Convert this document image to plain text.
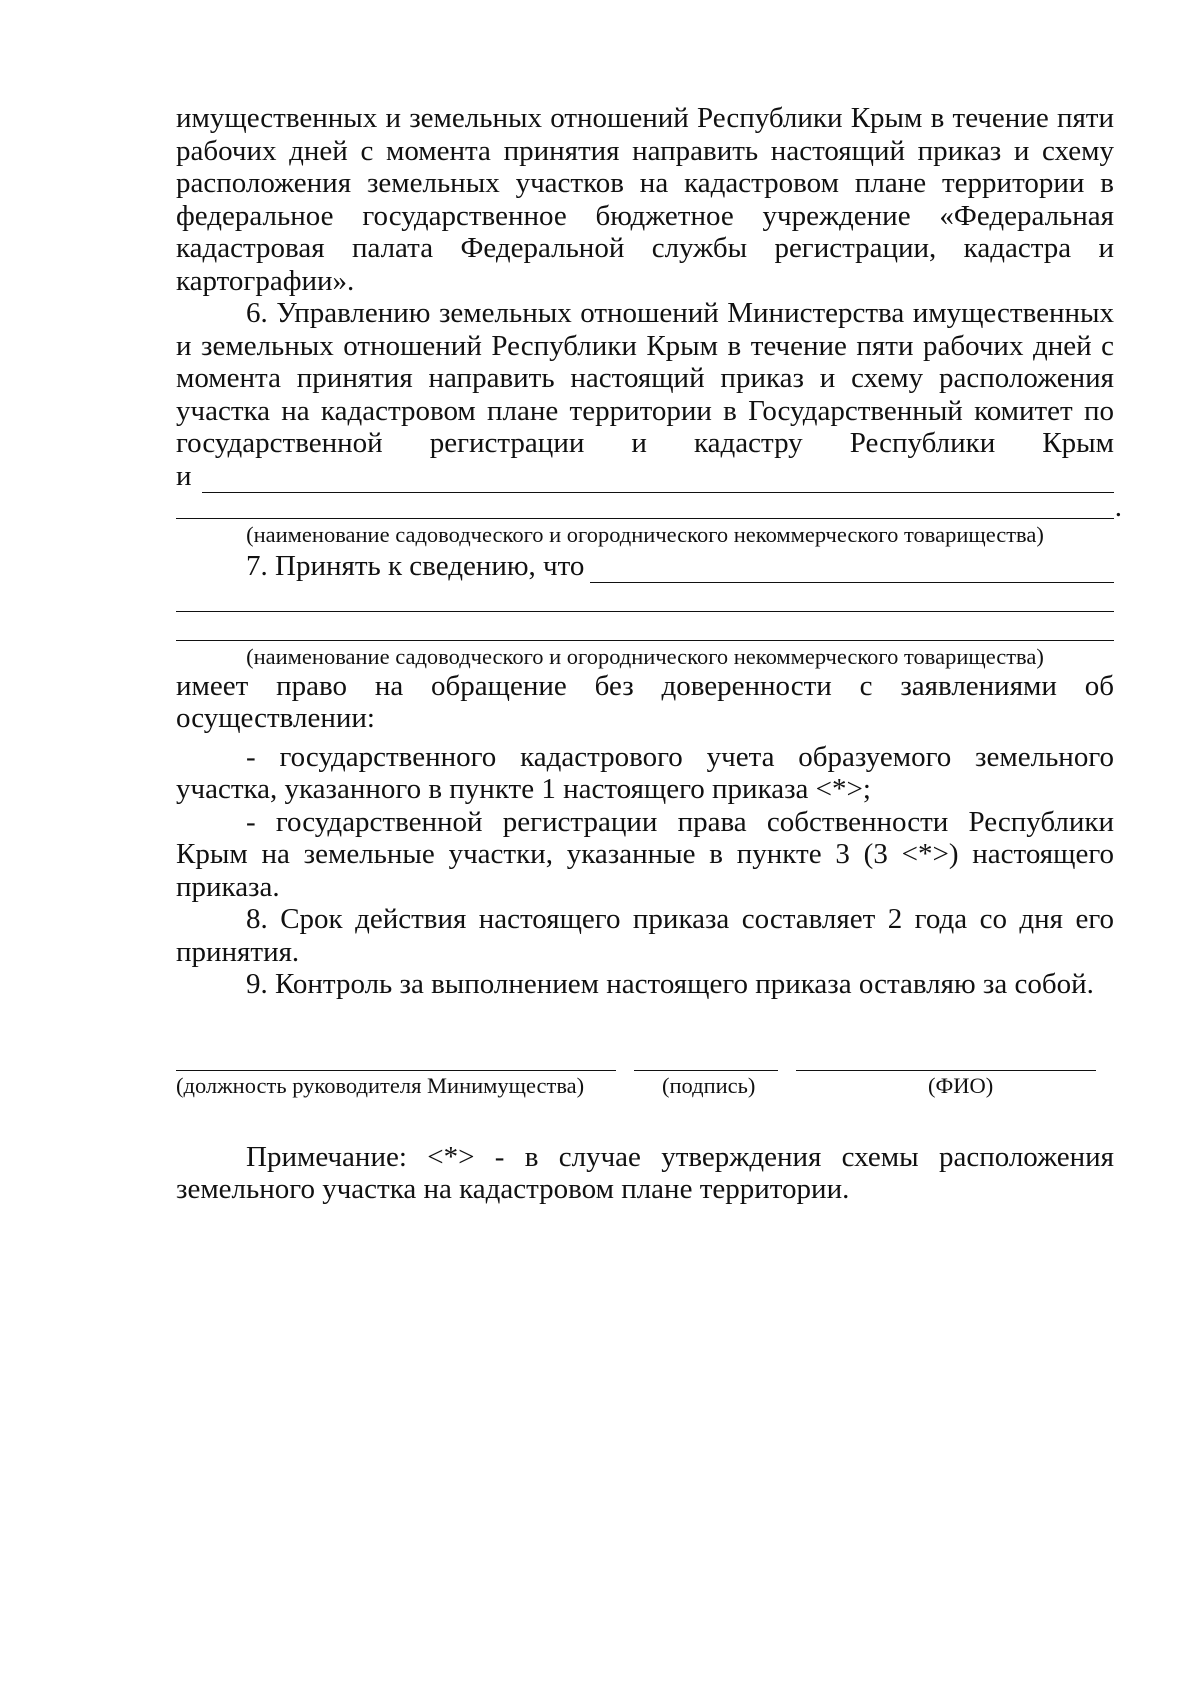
имущественных и земельных отношений Республики Крым в течение пяти рабочих дней с момента принятия направить настоящий приказ и схему расположения земельных участков на кадастровом плане территории в федеральное государственное бюджетное учреждение «Федеральная кадастровая палата Федеральной службы регистрации, кадастра и картографии».

6. Управлению земельных отношений Министерства имущественных и земельных отношений Республики Крым в течение пяти рабочих дней с момента принятия направить настоящий приказ и схему расположения участка на кадастровом плане территории в Государственный комитет по государственной регистрации и кадастру Республики Крым

и
.

(наименование садоводческого и огороднического некоммерческого товарищества)

7. Принять к сведению, что

(наименование садоводческого и огороднического некоммерческого товарищества)

имеет право на обращение без доверенности с заявлениями об осуществлении:

- государственного кадастрового учета образуемого земельного участка, указанного в пункте 1 настоящего приказа <*>;

- государственной регистрации права собственности Республики Крым на земельные участки, указанные в пункте 3 (3 <*>) настоящего приказа.

8. Срок действия настоящего приказа составляет 2 года со дня его принятия.

9. Контроль за выполнением настоящего приказа оставляю за собой.

(должность руководителя Минимущества)	(подпись)	(ФИО)

Примечание: <*> - в случае утверждения схемы расположения земельного участка на кадастровом плане территории.
